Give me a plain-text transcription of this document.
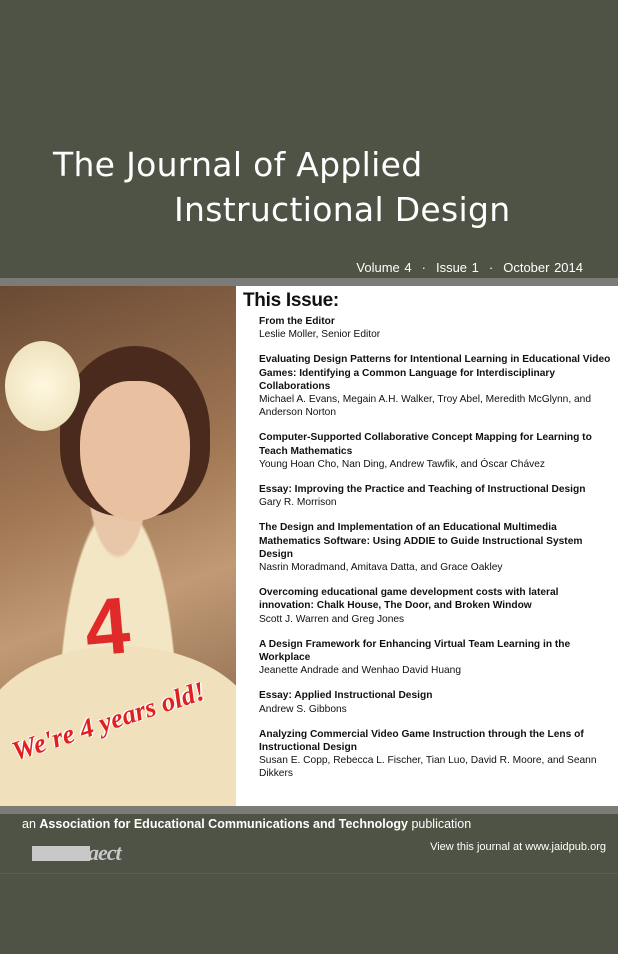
The Journal of Applied
Instructional Design
Volume 4 · Issue 1 · October 2014
4
We're 4 years old!
This Issue:
From the Editor
Leslie Moller, Senior Editor
Evaluating Design Patterns for Intentional Learning in Educational Video Games: Identifying a Common Language for Interdisciplinary Collaborations
Michael A. Evans, Megain A.H. Walker, Troy Abel, Meredith McGlynn, and Anderson Norton
Computer-Supported Collaborative Concept Mapping for Learning to Teach Mathematics
Young Hoan Cho, Nan Ding, Andrew Tawfik, and Óscar Chávez
Essay: Improving the Practice and Teaching of Instructional Design
Gary R. Morrison
The Design and Implementation of an Educational Multimedia Mathematics Software: Using ADDIE to Guide Instructional System Design
Nasrin Moradmand, Amitava Datta, and Grace Oakley
Overcoming educational game development costs with lateral innovation: Chalk House, The Door, and Broken Window
Scott J. Warren and Greg Jones
A Design Framework for Enhancing Virtual Team Learning in the Workplace
Jeanette Andrade and Wenhao David Huang
Essay: Applied Instructional Design
Andrew S. Gibbons
Analyzing Commercial Video Game Instruction through the Lens of Instructional Design
Susan E. Copp, Rebecca L. Fischer, Tian Luo, David R. Moore, and Seann Dikkers
an Association for Educational Communications and Technology publication
aect	View this journal at www.jaidpub.org
